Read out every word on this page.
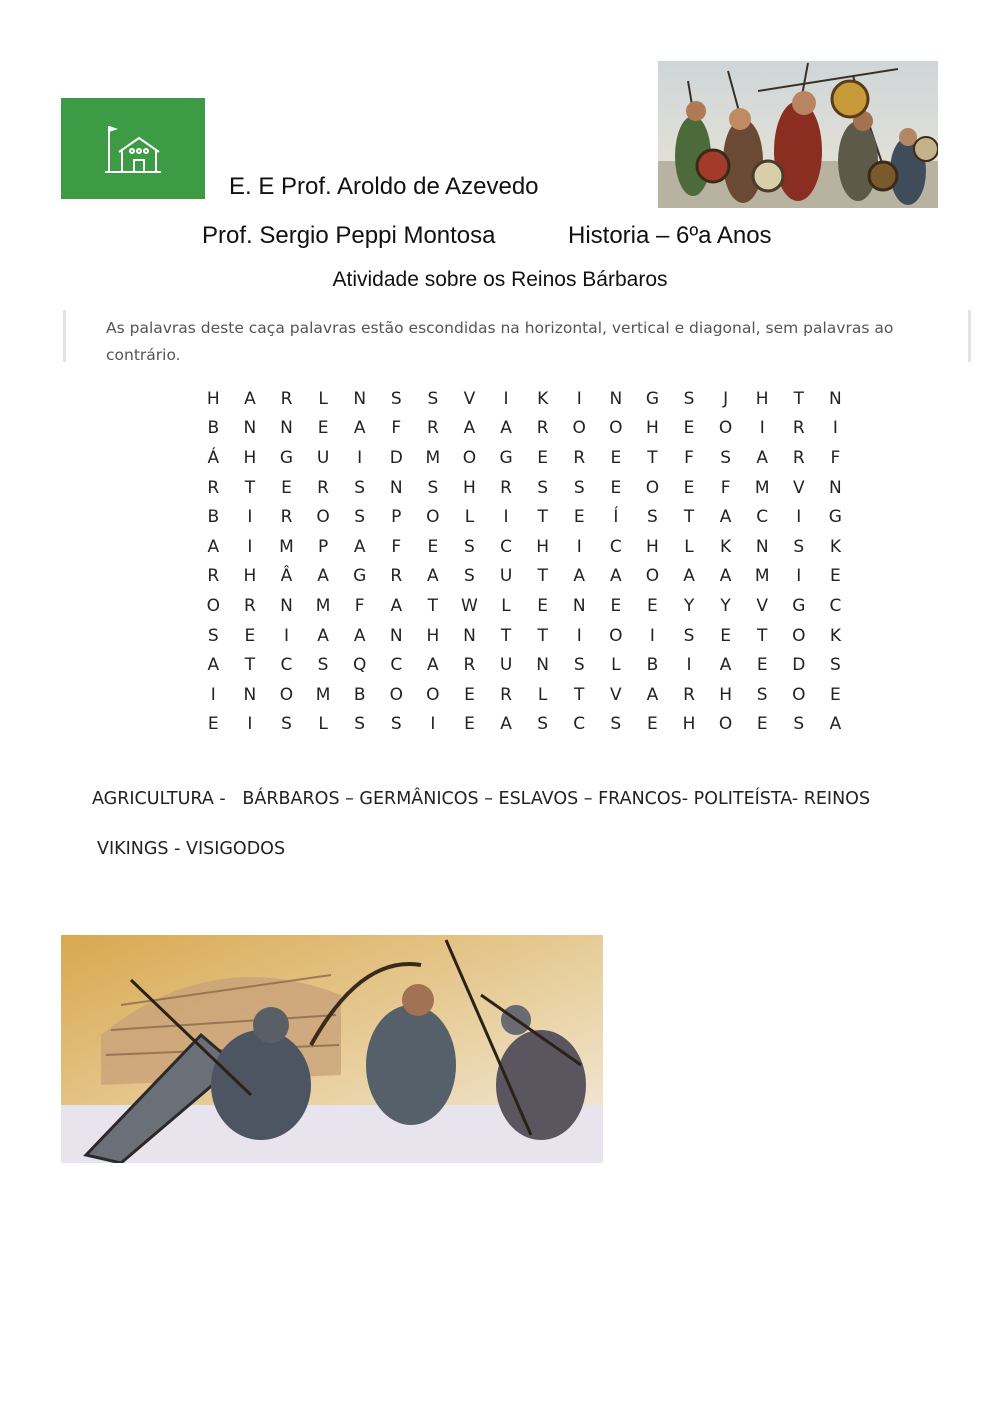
E. E Prof. Aroldo de Azevedo
Prof. Sergio Peppi Montosa	Historia – 6ºa Anos
Atividade sobre os Reinos Bárbaros

As palavras deste caça palavras estão escondidas na horizontal, vertical e diagonal, sem palavras ao contrário.

H	A	R	L	N	S	S	V	I	K	I	N	G	S	J	H	T	N
B	N	N	E	A	F	R	A	A	R	O	O	H	E	O	I	R	I
Á	H	G	U	I	D	M	O	G	E	R	E	T	F	S	A	R	F
R	T	E	R	S	N	S	H	R	S	S	E	O	E	F	M	V	N
B	I	R	O	S	P	O	L	I	T	E	Í	S	T	A	C	I	G
A	I	M	P	A	F	E	S	C	H	I	C	H	L	K	N	S	K
R	H	Â	A	G	R	A	S	U	T	A	A	O	A	A	M	I	E
O	R	N	M	F	A	T	W	L	E	N	E	E	Y	Y	V	G	C
S	E	I	A	A	N	H	N	T	T	I	O	I	S	E	T	O	K
A	T	C	S	Q	C	A	R	U	N	S	L	B	I	A	E	D	S
I	N	O	M	B	O	O	E	R	L	T	V	A	R	H	S	O	E
E	I	S	L	S	S	I	E	A	S	C	S	E	H	O	E	S	A
AGRICULTURA -   BÁRBAROS – GERMÂNICOS – ESLAVOS – FRANCOS- POLITEÍSTA- REINOS
VIKINGS - VISIGODOS
